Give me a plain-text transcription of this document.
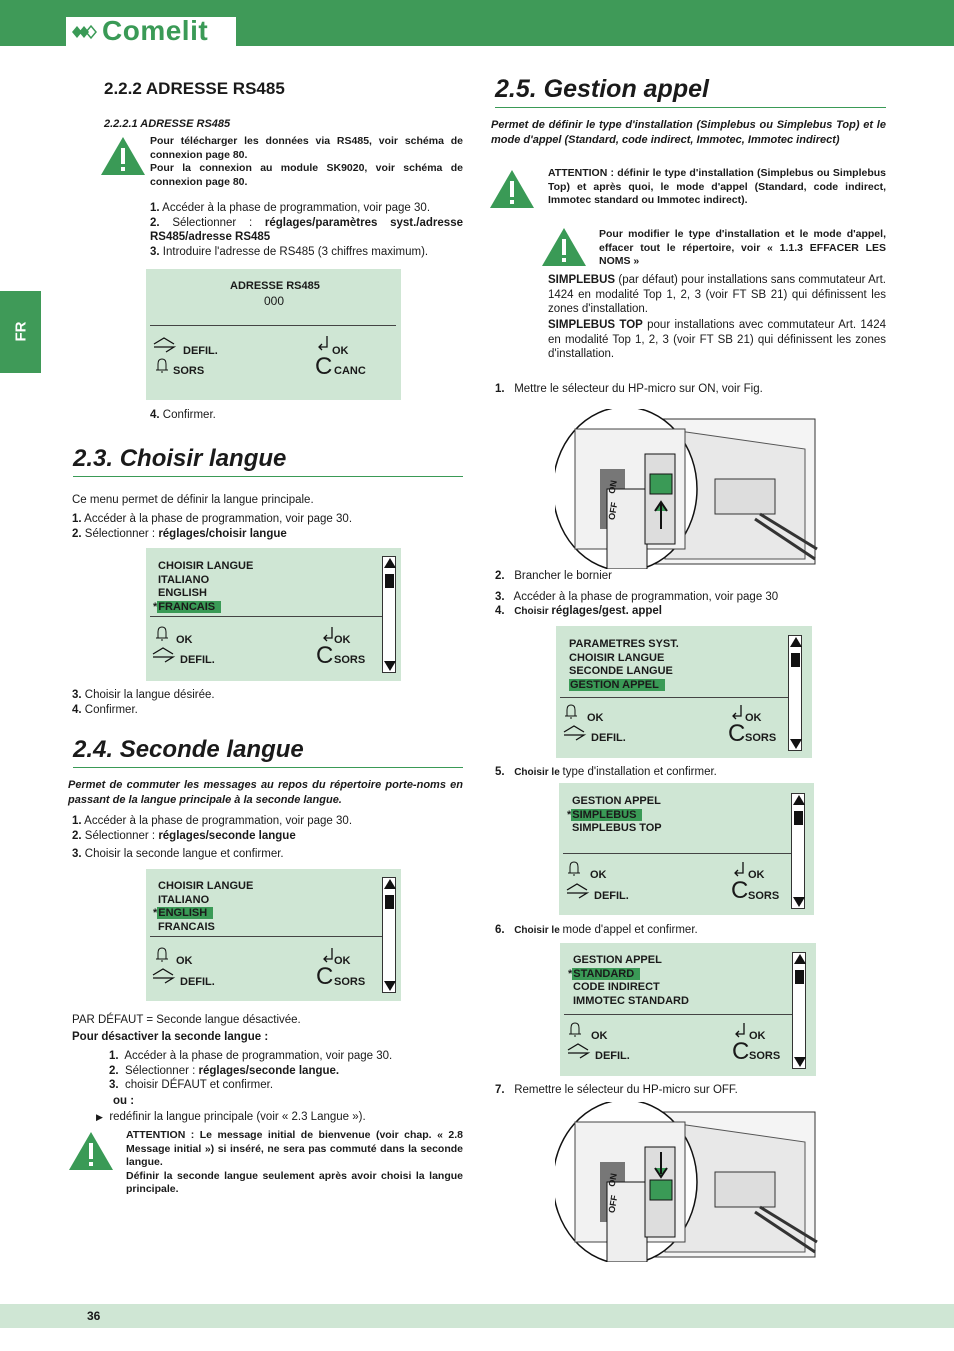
Comelit
FR
2.2.2 ADRESSE RS485
2.2.2.1 ADRESSE RS485
Pour télécharger les données via RS485, voir schéma de connexion page 80.
Pour la connexion au module SK9020, voir schéma de connexion page 80.
1. Accéder à la phase de programmation, voir page 30.
2. Sélectionner : réglages/paramètres syst./adresse RS485/adresse RS485
3. Introduire l'adresse de RS485 (3 chiffres maximum).
ADRESSE RS485
000
DEFIL.
SORS
OK
C CANC
4. Confirmer.
2.3. Choisir langue
Ce menu permet de définir la langue principale.
1. Accéder à la phase de programmation, voir page 30.
2. Sélectionner : réglages/choisir langue
CHOISIR LANGUE
ITALIANO
ENGLISH
*FRANCAIS
OK
DEFIL.
OK
C SORS
3. Choisir la langue désirée.
4. Confirmer.
2.4. Seconde langue
Permet de commuter les messages au repos du répertoire porte-noms en passant de la langue principale à la seconde langue.
1. Accéder à la phase de programmation, voir page 30.
2. Sélectionner : réglages/seconde langue
3. Choisir la seconde langue et confirmer.
CHOISIR LANGUE
ITALIANO
*ENGLISH
FRANCAIS
OK
DEFIL.
OK
C SORS
PAR DÉFAUT = Seconde langue désactivée.
Pour désactiver la seconde langue :
1. Accéder à la phase de programmation, voir page 30.
2. Sélectionner : réglages/seconde langue.
3. choisir DÉFAUT et confirmer.
ou :
▶ redéfinir la langue principale (voir « 2.3 Langue »).
ATTENTION : Le message initial de bienvenue (voir chap. « 2.8 Message initial ») si inséré, ne sera pas commuté dans la seconde langue.
Définir la seconde langue seulement après avoir choisi la langue principale.
2.5. Gestion appel
Permet de définir le type d'installation (Simplebus ou Simplebus Top) et le mode d'appel (Standard, code indirect, Immotec, Immotec indirect)
ATTENTION : définir le type d'installation (Simplebus ou Simplebus Top) et après quoi, le mode d'appel (Standard, code indirect, Immotec standard ou Immotec indirect).
Pour modifier le type d'installation et le mode d'appel, effacer tout le répertoire, voir « 1.1.3 EFFACER LES NOMS »
SIMPLEBUS (par défaut) pour installations sans commutateur Art. 1424 en modalité Top 1, 2, 3 (voir FT SB 21) qui définissent les zones d'installation.
SIMPLEBUS TOP pour installations avec commutateur Art. 1424 en modalité Top 1, 2, 3 (voir FT SB 21) qui définissent les zones d'installation.
1. Mettre le sélecteur du HP-micro sur ON, voir Fig.
ON
OFF
2. Brancher le bornier
3. Accéder à la phase de programmation, voir page 30
4. Choisir réglages/gest. appel
PARAMETRES SYST.
CHOISIR LANGUE
SECONDE LANGUE
GESTION APPEL
OK
DEFIL.
OK
C SORS
5. Choisir le type d'installation et confirmer.
GESTION APPEL
*SIMPLEBUS
SIMPLEBUS TOP
OK
DEFIL.
OK
C SORS
6. Choisir le mode d'appel et confirmer.
GESTION APPEL
*STANDARD
CODE INDIRECT
IMMOTEC STANDARD
OK
DEFIL.
OK
C SORS
7. Remettre le sélecteur du HP-micro sur OFF.
ON
OFF
36
